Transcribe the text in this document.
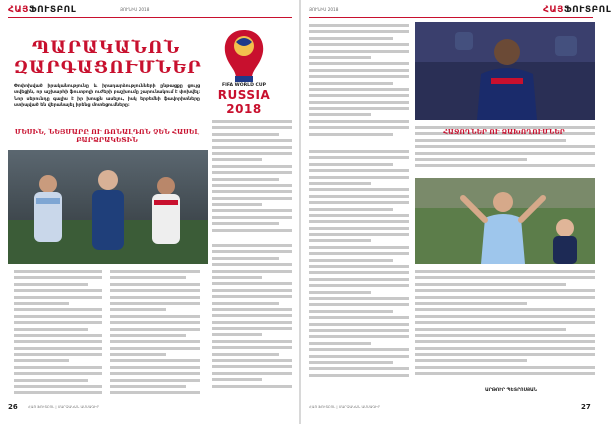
ՀԱՅՖՈՒՏԲՈԼ	ՅՈՒՆԻՍ 2018
ՊԱՐԱԿԱՆՈՆ
ԶԱՐԳԱՑՈՒՄՆԵՐ
Փոփոխված իրականությունը և իրադարձությունների ընթացքը ցույց տվեցին, որ աշխարհի ֆուտբոլի ուժերի բաշխումը շարունակում է փոխվել։ Նոր սերունդը գալիս է իր խոսքն ասելու, իսկ երբեմնի ֆավորիտները ստիպված են վերանայել իրենց մոտեցումները։
ՄԵՍԻՆ, ՆԵՅՄԱՐԸ ՈՒ ՌՈՆԱԼԴՈՆ ՉԵՆ ՀԱՍԵԼ ԲԱՐՁՐԱԿԵՏԻՆ
FIFA WORLD CUP
RUSSIA 2018
26	ՀԱՅ ՖՈՒՏԲՈԼ | ՄԱՐԶԱԿԱՆ ԱՄՍԱԳԻՐ
ՀԱՅՖՈՒՏԲՈԼ
ՅՈՒՆԻՍ 2018
ՀԱՋՈՂՆԵՐ ՈՒ ՁԱԽՈՂՈՒՄՆԵՐ
ԱՐԹՈՒՐ ՊԵՏՐՈՍՅԱՆ
27
ՀԱՅ ՖՈՒՏԲՈԼ | ՄԱՐԶԱԿԱՆ ԱՄՍԱԳԻՐ
